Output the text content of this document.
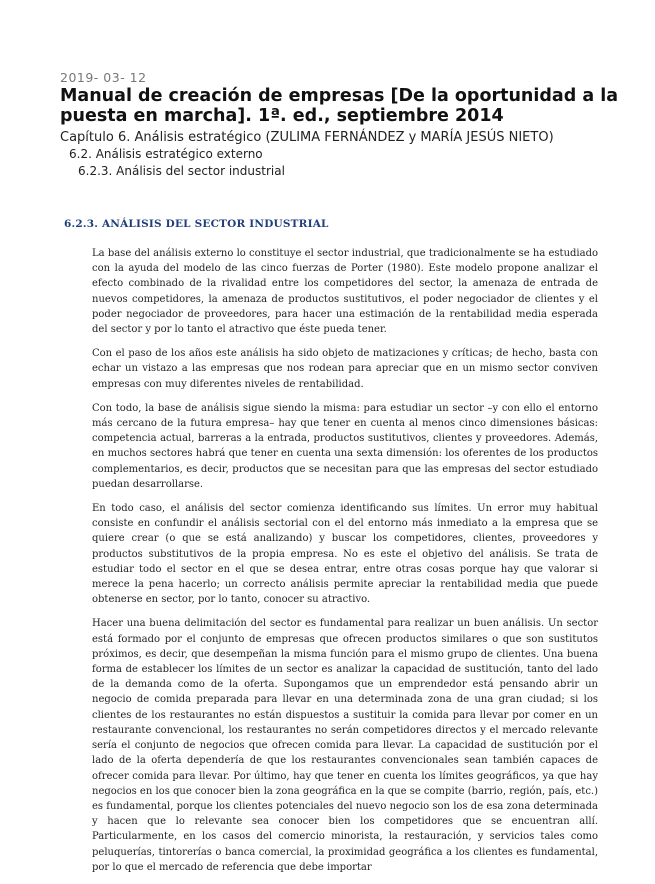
2019- 03- 12
Manual de creación de empresas [De la oportunidad a la puesta en marcha]. 1ª. ed., septiembre 2014
Capítulo 6. Análisis estratégico (ZULIMA FERNÁNDEZ y MARÍA JESÚS NIETO)
6.2. Análisis estratégico externo
6.2.3. Análisis del sector industrial
6.2.3. ANÁLISIS DEL SECTOR INDUSTRIAL

La base del análisis externo lo constituye el sector industrial, que tradicionalmente se ha estudiado con la ayuda del modelo de las cinco fuerzas de Porter (1980). Este modelo propone analizar el efecto combinado de la rivalidad entre los competidores del sector, la amenaza de entrada de nuevos competidores, la amenaza de productos sustitutivos, el poder negociador de clientes y el poder negociador de proveedores, para hacer una estimación de la rentabilidad media esperada del sector y por lo tanto el atractivo que éste pueda tener.

Con el paso de los años este análisis ha sido objeto de matizaciones y críticas; de hecho, basta con echar un vistazo a las empresas que nos rodean para apreciar que en un mismo sector conviven empresas con muy diferentes niveles de rentabilidad.

Con todo, la base de análisis sigue siendo la misma: para estudiar un sector –y con ello el entorno más cercano de la futura empresa– hay que tener en cuenta al menos cinco dimensiones básicas: competencia actual, barreras a la entrada, productos sustitutivos, clientes y proveedores. Además, en muchos sectores habrá que tener en cuenta una sexta dimensión: los oferentes de los productos complementarios, es decir, productos que se necesitan para que las empresas del sector estudiado puedan desarrollarse.

En todo caso, el análisis del sector comienza identificando sus límites. Un error muy habitual consiste en confundir el análisis sectorial con el del entorno más inmediato a la empresa que se quiere crear (o que se está analizando) y buscar los competidores, clientes, proveedores y productos substitutivos de la propia empresa. No es este el objetivo del análisis. Se trata de estudiar todo el sector en el que se desea entrar, entre otras cosas porque hay que valorar si merece la pena hacerlo; un correcto análisis permite apreciar la rentabilidad media que puede obtenerse en sector, por lo tanto, conocer su atractivo.

Hacer una buena delimitación del sector es fundamental para realizar un buen análisis. Un sector está formado por el conjunto de empresas que ofrecen productos similares o que son sustitutos próximos, es decir, que desempeñan la misma función para el mismo grupo de clientes. Una buena forma de establecer los límites de un sector es analizar la capacidad de sustitución, tanto del lado de la demanda como de la oferta. Supongamos que un emprendedor está pensando abrir un negocio de comida preparada para llevar en una determinada zona de una gran ciudad; si los clientes de los restaurantes no están dispuestos a sustituir la comida para llevar por comer en un restaurante convencional, los restaurantes no serán competidores directos y el mercado relevante sería el conjunto de negocios que ofrecen comida para llevar. La capacidad de sustitución por el lado de la oferta dependería de que los restaurantes convencionales sean también capaces de ofrecer comida para llevar. Por último, hay que tener en cuenta los límites geográficos, ya que hay negocios en los que conocer bien la zona geográfica en la que se compite (barrio, región, país, etc.) es fundamental, porque los clientes potenciales del nuevo negocio son los de esa zona determinada y hacen que lo relevante sea conocer bien los competidores que se encuentran allí. Particularmente, en los casos del comercio minorista, la restauración, y servicios tales como peluquerías, tintorerías o banca comercial, la proximidad geográfica a los clientes es fundamental, por lo que el mercado de referencia que debe importar
